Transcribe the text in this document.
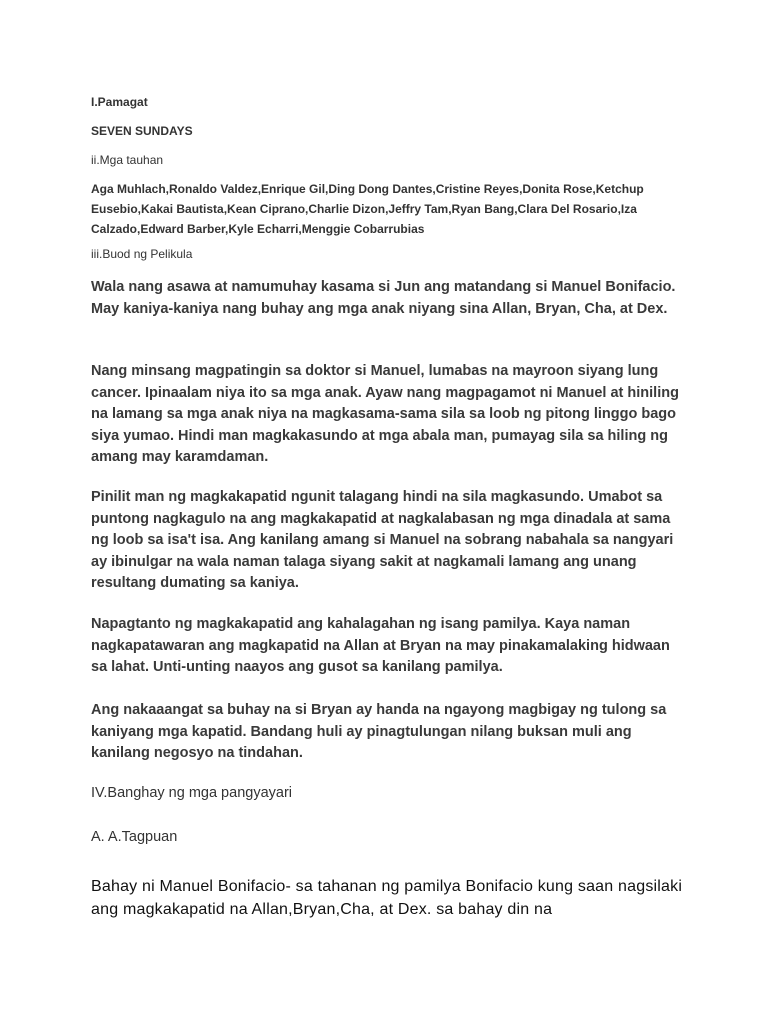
I.Pamagat
SEVEN SUNDAYS
ii.Mga tauhan
Aga Muhlach,Ronaldo Valdez,Enrique Gil,Ding Dong Dantes,Cristine Reyes,Donita Rose,Ketchup Eusebio,Kakai Bautista,Kean Ciprano,Charlie Dizon,Jeffry Tam,Ryan Bang,Clara Del Rosario,Iza Calzado,Edward Barber,Kyle Echarri,Menggie Cobarrubias
iii.Buod ng Pelikula
Wala nang asawa at namumuhay kasama si Jun ang matandang si Manuel Bonifacio. May kaniya-kaniya nang buhay ang mga anak niyang sina Allan, Bryan, Cha, at Dex.
Nang minsang magpatingin sa doktor si Manuel, lumabas na mayroon siyang lung cancer. Ipinaalam niya ito sa mga anak. Ayaw nang magpagamot ni Manuel at hiniling na lamang sa mga anak niya na magkasama-sama sila sa loob ng pitong linggo bago siya yumao. Hindi man magkakasundo at mga abala man, pumayag sila sa hiling ng amang may karamdaman.
Pinilit man ng magkakapatid ngunit talagang hindi na sila magkasundo. Umabot sa puntong nagkagulo na ang magkakapatid at nagkalabasan ng mga dinadala at sama ng loob sa isa't isa. Ang kanilang amang si Manuel na sobrang nabahala sa nangyari ay ibinulgar na wala naman talaga siyang sakit at nagkamali lamang ang unang resultang dumating sa kaniya.
Napagtanto ng magkakapatid ang kahalagahan ng isang pamilya. Kaya naman nagkapatawaran ang magkapatid na Allan at Bryan na may pinakamalaking hidwaan sa lahat. Unti-unting naayos ang gusot sa kanilang pamilya.
Ang nakaaangat sa buhay na si Bryan ay handa na ngayong magbigay ng tulong sa kaniyang mga kapatid. Bandang huli ay pinagtulungan nilang buksan muli ang kanilang negosyo na tindahan.
IV.Banghay ng mga pangyayari
A. A.Tagpuan
Bahay ni Manuel Bonifacio- sa tahanan ng pamilya Bonifacio kung saan nagsilaki ang magkakapatid na Allan,Bryan,Cha, at Dex. sa bahay din na
